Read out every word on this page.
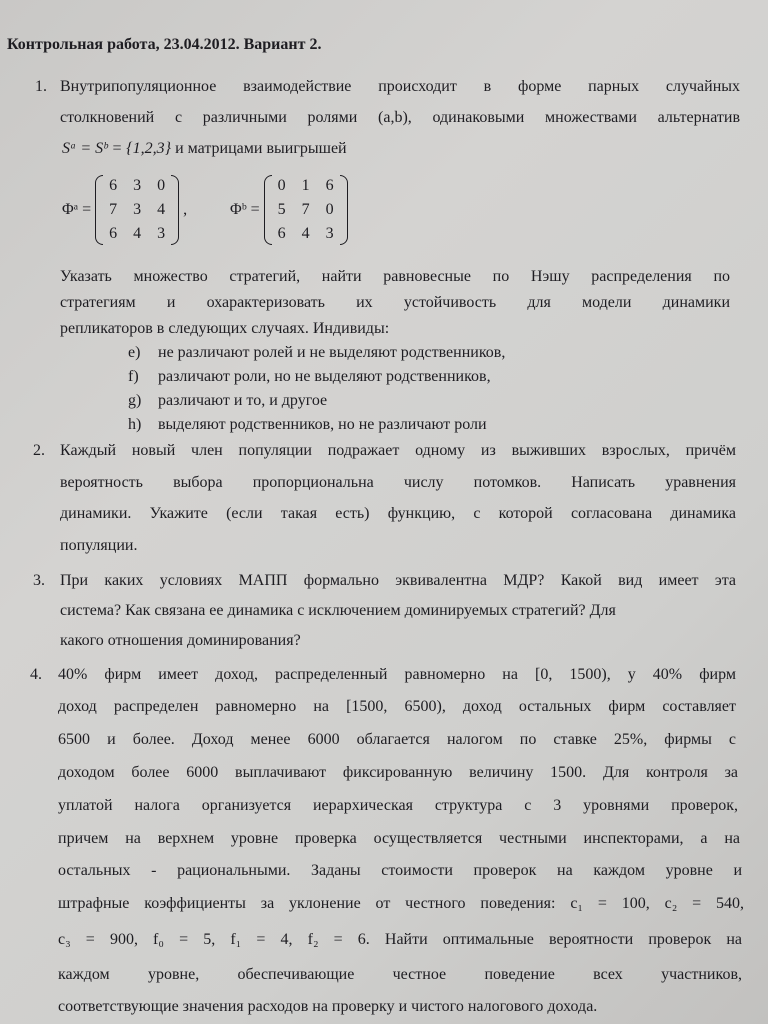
Контрольная работа, 23.04.2012. Вариант 2.
1. Внутрипопуляционное взаимодействие происходит в форме парных случайных
столкновений с различными ролями (a,b), одинаковыми множествами альтернатив
Sᵃ = Sᵇ = {1,2,3} и матрицами выигрышей
Φᵃ =
6	3	0
7	3	4
6	4	3
,	Φᵇ =
0	1	6
5	7	0
6	4	3
Указать множество стратегий, найти равновесные по Нэшу распределения по
стратегиям и охарактеризовать их устойчивость для модели динамики
репликаторов в следующих случаях. Индивиды:
e) не различают ролей и не выделяют родственников,
f) различают роли, но не выделяют родственников,
g) различают и то, и другое
h) выделяют родственников, но не различают роли
2. Каждый новый член популяции подражает одному из выживших взрослых, причём
вероятность выбора пропорциональна числу потомков. Написать уравнения
динамики. Укажите (если такая есть) функцию, с которой согласована динамика
популяции.
3. При каких условиях МАПП формально эквивалентна МДР? Какой вид имеет эта
система? Как связана ее динамика с исключением доминируемых стратегий? Для
какого отношения доминирования?
4. 40% фирм имеет доход, распределенный равномерно на [0, 1500), у 40% фирм
доход распределен равномерно на [1500, 6500), доход остальных фирм составляет
6500 и более. Доход менее 6000 облагается налогом по ставке 25%, фирмы с
доходом более 6000 выплачивают фиксированную величину 1500. Для контроля за
уплатой налога организуется иерархическая структура с 3 уровнями проверок,
причем на верхнем уровне проверка осуществляется честными инспекторами, а на
остальных - рациональными. Заданы стоимости проверок на каждом уровне и
штрафные коэффициенты за уклонение от честного поведения: c₁ = 100, c₂ = 540,
c₃ = 900, f₀ = 5, f₁ = 4, f₂ = 6. Найти оптимальные вероятности проверок на
каждом уровне, обеспечивающие честное поведение всех участников,
соответствующие значения расходов на проверку и чистого налогового дохода.
